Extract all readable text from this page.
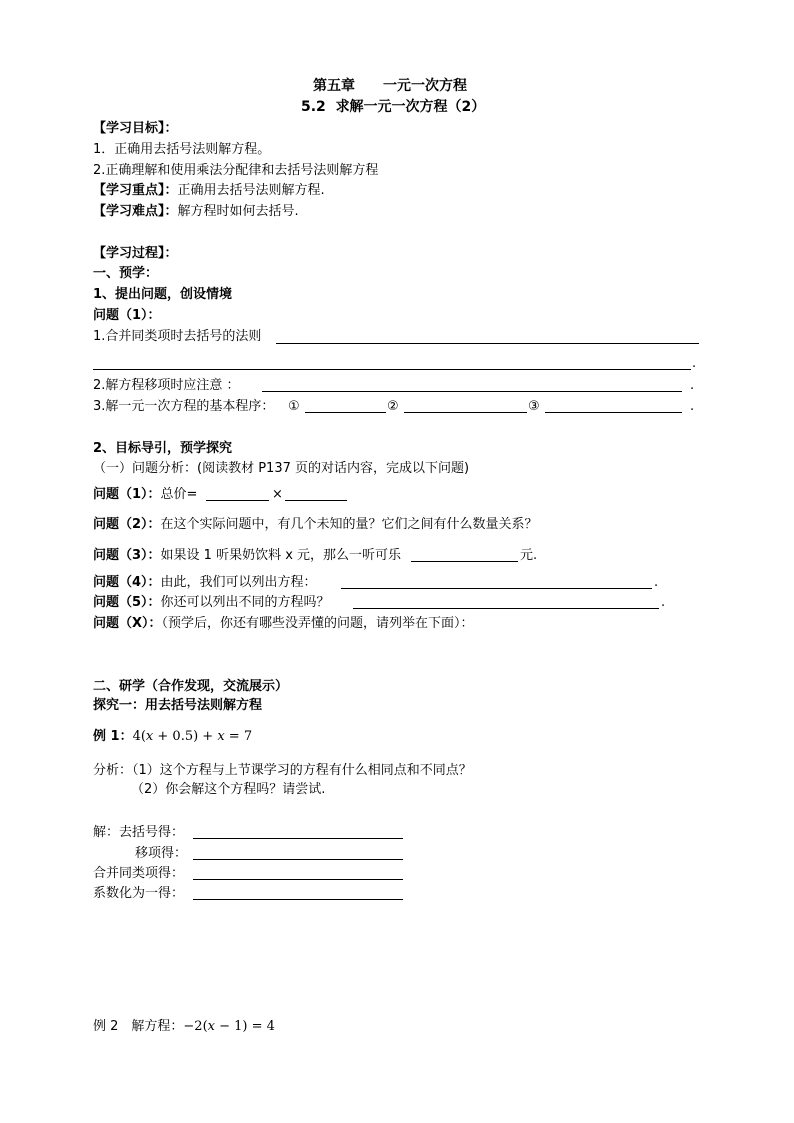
第五章 一元一次方程
5.2 求解一元一次方程（2）
【学习目标】：
1．正确用去括号法则解方程。
2.正确理解和使用乘法分配律和去括号法则解方程
【学习重点】：正确用去括号法则解方程.
【学习难点】：解方程时如何去括号.
【学习过程】：
一、预学：
1、提出问题，创设情境
问题（1）：
1.合并同类项时去括号的法则
.
2.解方程移项时应注意 ：	.
3.解一元一次方程的基本程序： ①	②	③	.
2、目标导引，预学探究
（一）问题分析：(阅读教材 P137 页的对话内容，完成以下问题)
问题（1）：总价=	×
问题（2）：在这个实际问题中，有几个未知的量？它们之间有什么数量关系？
问题（3）：如果设 1 听果奶饮料 x 元，那么一听可乐	元.
问题（4）：由此，我们可以列出方程：	.
问题（5）：你还可以列出不同的方程吗？	.
问题（X）：（预学后，你还有哪些没弄懂的问题，请列举在下面）：
二、研学（合作发现，交流展示）
探究一：用去括号法则解方程
例 1：4(x + 0.5) + x = 7
分析：（1）这个方程与上节课学习的方程有什么相同点和不同点？
（2）你会解这个方程吗？请尝试.
解：去括号得：
移项得：
合并同类项得：
系数化为一得：
例 2　解方程：−2(x − 1) = 4
